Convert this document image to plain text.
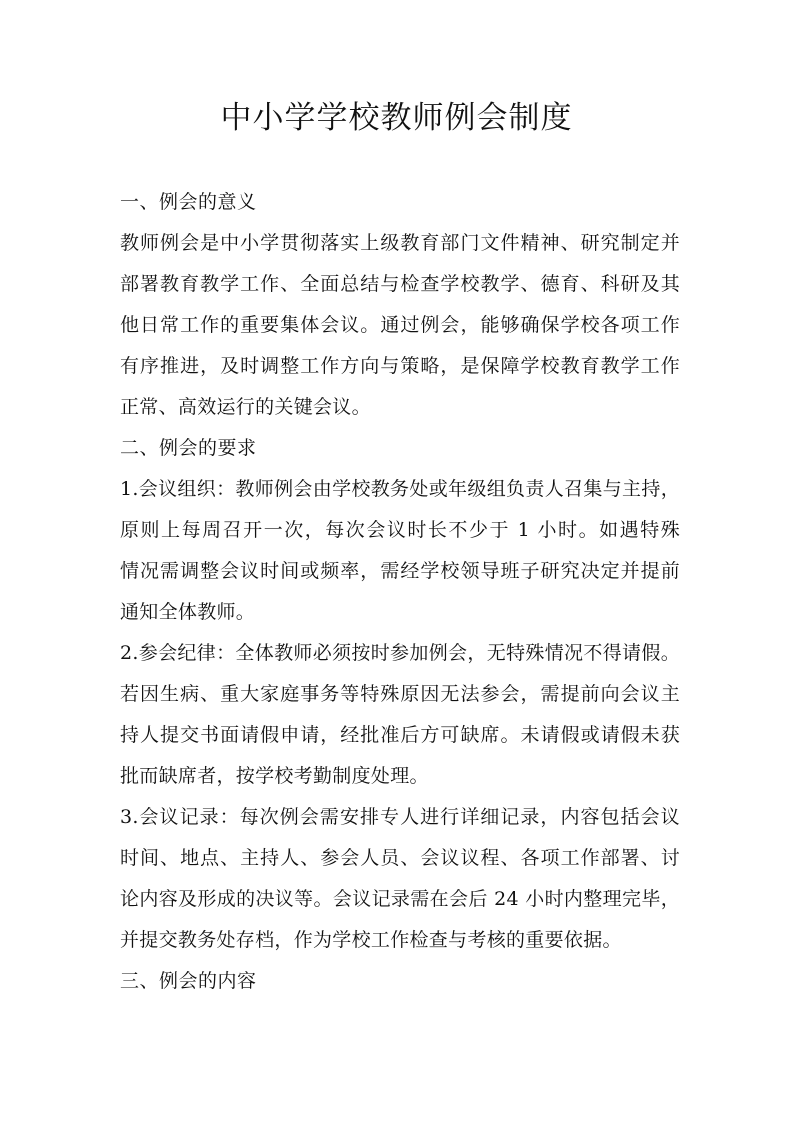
中小学学校教师例会制度
一、例会的意义
教师例会是中小学贯彻落实上级教育部门文件精神、研究制定并
部署教育教学工作、全面总结与检查学校教学、德育、科研及其
他日常工作的重要集体会议。通过例会，能够确保学校各项工作
有序推进，及时调整工作方向与策略，是保障学校教育教学工作
正常、高效运行的关键会议。
二、例会的要求
1.会议组织：教师例会由学校教务处或年级组负责人召集与主持，
原则上每周召开一次，每次会议时长不少于 1 小时。如遇特殊
情况需调整会议时间或频率，需经学校领导班子研究决定并提前
通知全体教师。
2.参会纪律：全体教师必须按时参加例会，无特殊情况不得请假。
若因生病、重大家庭事务等特殊原因无法参会，需提前向会议主
持人提交书面请假申请，经批准后方可缺席。未请假或请假未获
批而缺席者，按学校考勤制度处理。
3.会议记录：每次例会需安排专人进行详细记录，内容包括会议
时间、地点、主持人、参会人员、会议议程、各项工作部署、讨
论内容及形成的决议等。会议记录需在会后 24 小时内整理完毕，
并提交教务处存档，作为学校工作检查与考核的重要依据。
三、例会的内容
